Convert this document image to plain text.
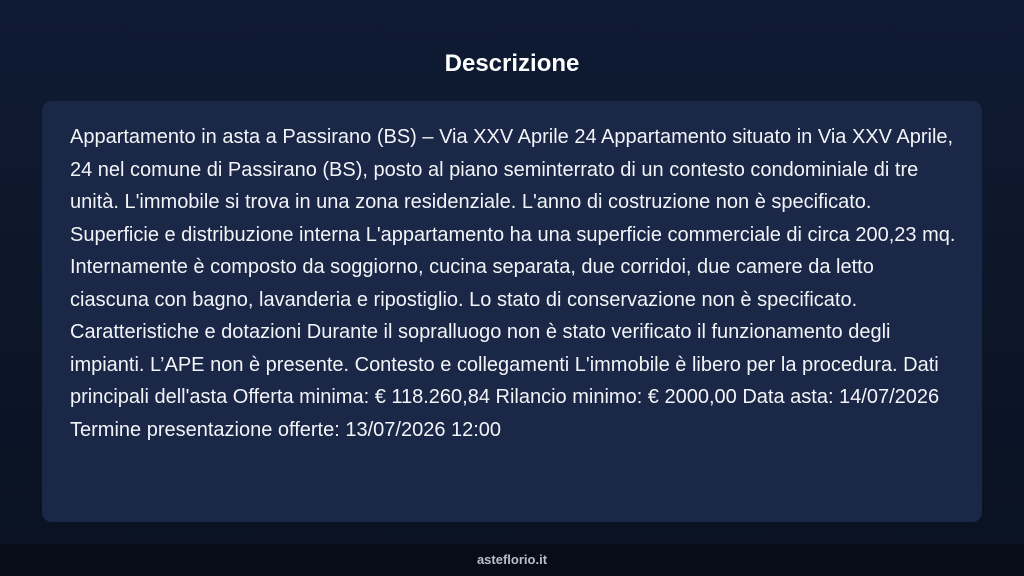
Descrizione

Appartamento in asta a Passirano (BS) – Via XXV Aprile 24 Appartamento situato in Via XXV Aprile, 24 nel comune di Passirano (BS), posto al piano seminterrato di un contesto condominiale di tre unità. L'immobile si trova in una zona residenziale. L'anno di costruzione non è specificato. Superficie e distribuzione interna L'appartamento ha una superficie commerciale di circa 200,23 mq. Internamente è composto da soggiorno, cucina separata, due corridoi, due camere da letto ciascuna con bagno, lavanderia e ripostiglio. Lo stato di conservazione non è specificato. Caratteristiche e dotazioni Durante il sopralluogo non è stato verificato il funzionamento degli impianti. L’APE non è presente. Contesto e collegamenti L'immobile è libero per la procedura. Dati principali dell'asta Offerta minima: € 118.260,84 Rilancio minimo: € 2000,00 Data asta: 14/07/2026 Termine presentazione offerte: 13/07/2026 12:00

asteflorio.it
